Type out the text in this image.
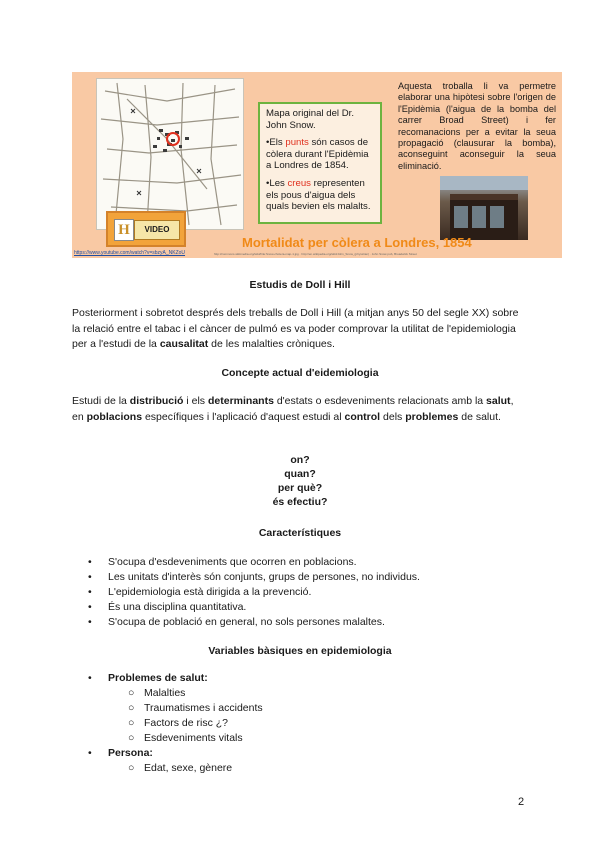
Mapa original del Dr. John Snow.

•Els punts són casos de còlera durant l'Epidèmia a Londres de 1854.

•Les creus representen els pous d'aigua dels quals bevien els malalts.

Aquesta troballa li va permetre elaborar una hipòtesi sobre l'origen de l'Epidèmia (l'aigua de la bomba del carrer Broad Street) i fer recomanacions per a evitar la seua propagació (clausurar la bomba), aconseguint aconseguir la seua eliminació.
H	VIDEO
Mortalidat per còlera a Londres, 1854
https://www.youtube.com/watch?v=sbzyA_NKZoU	http://commons.wikimedia.org/wiki/File:Snow-cholera-map-1.jpg · http://en.wikipedia.org/wiki/John_Snow_(physician) · John Snow pub, Broadwick Street
Estudis de Doll i Hill
Posteriorment i sobretot després dels treballs de Doll i Hill (a mitjan anys 50 del segle XX) sobre la relació entre el tabac i el càncer de pulmó es va poder comprovar la utilitat de l'epidemiologia per a l'estudi de la causalitat de les malalties cròniques.
Concepte actual d'eidemiologia
Estudi de la distribució i els determinants d'estats o esdeveniments relacionats amb la salut, en poblacions específiques i l'aplicació d'aquest estudi al control dels problemes de salut.
on?
quan?
per què?
és efectiu?
Característiques
• S'ocupa d'esdeveniments que ocorren en poblacions.
• Les unitats d'interès són conjunts, grups de persones, no individus.
• L'epidemiologia està dirigida a la prevenció.
• És una disciplina quantitativa.
• S'ocupa de població en general, no sols persones malaltes.
Variables bàsiques en epidemiologia
• Problemes de salut:
○ Malalties
○ Traumatismes i accidents
○ Factors de risc ¿?
○ Esdeveniments vitals
• Persona:
○ Edat, sexe, gènere
2
